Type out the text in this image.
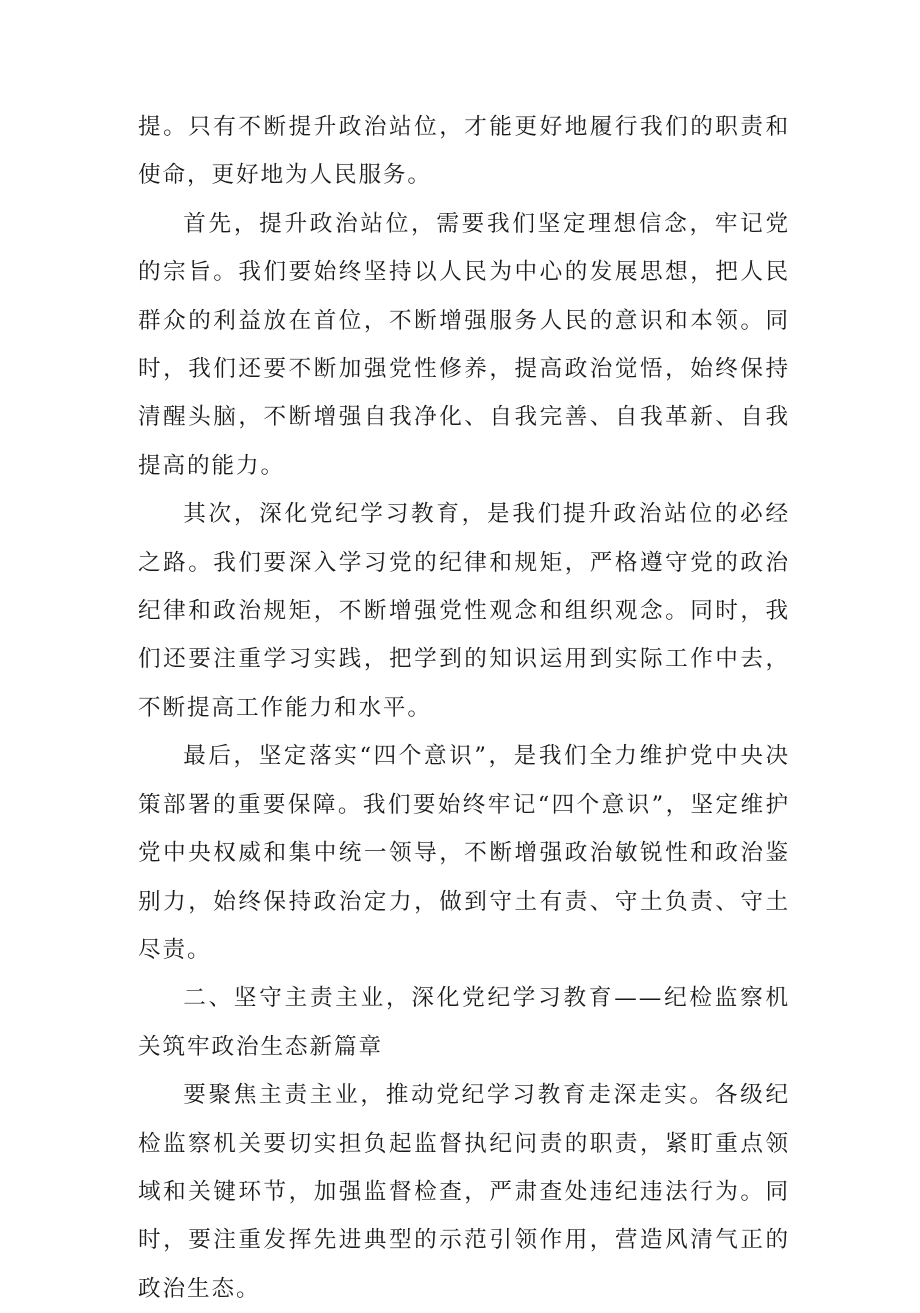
提。只有不断提升政治站位，才能更好地履行我们的职责和使命，更好地为人民服务。

首先，提升政治站位，需要我们坚定理想信念，牢记党的宗旨。我们要始终坚持以人民为中心的发展思想，把人民群众的利益放在首位，不断增强服务人民的意识和本领。同时，我们还要不断加强党性修养，提高政治觉悟，始终保持清醒头脑，不断增强自我净化、自我完善、自我革新、自我提高的能力。

其次，深化党纪学习教育，是我们提升政治站位的必经之路。我们要深入学习党的纪律和规矩，严格遵守党的政治纪律和政治规矩，不断增强党性观念和组织观念。同时，我们还要注重学习实践，把学到的知识运用到实际工作中去，不断提高工作能力和水平。

最后，坚定落实“四个意识”，是我们全力维护党中央决策部署的重要保障。我们要始终牢记“四个意识”，坚定维护党中央权威和集中统一领导，不断增强政治敏锐性和政治鉴别力，始终保持政治定力，做到守土有责、守土负责、守土尽责。

二、坚守主责主业，深化党纪学习教育——纪检监察机关筑牢政治生态新篇章

要聚焦主责主业，推动党纪学习教育走深走实。各级纪检监察机关要切实担负起监督执纪问责的职责，紧盯重点领域和关键环节，加强监督检查，严肃查处违纪违法行为。同时，要注重发挥先进典型的示范引领作用，营造风清气正的政治生态。
